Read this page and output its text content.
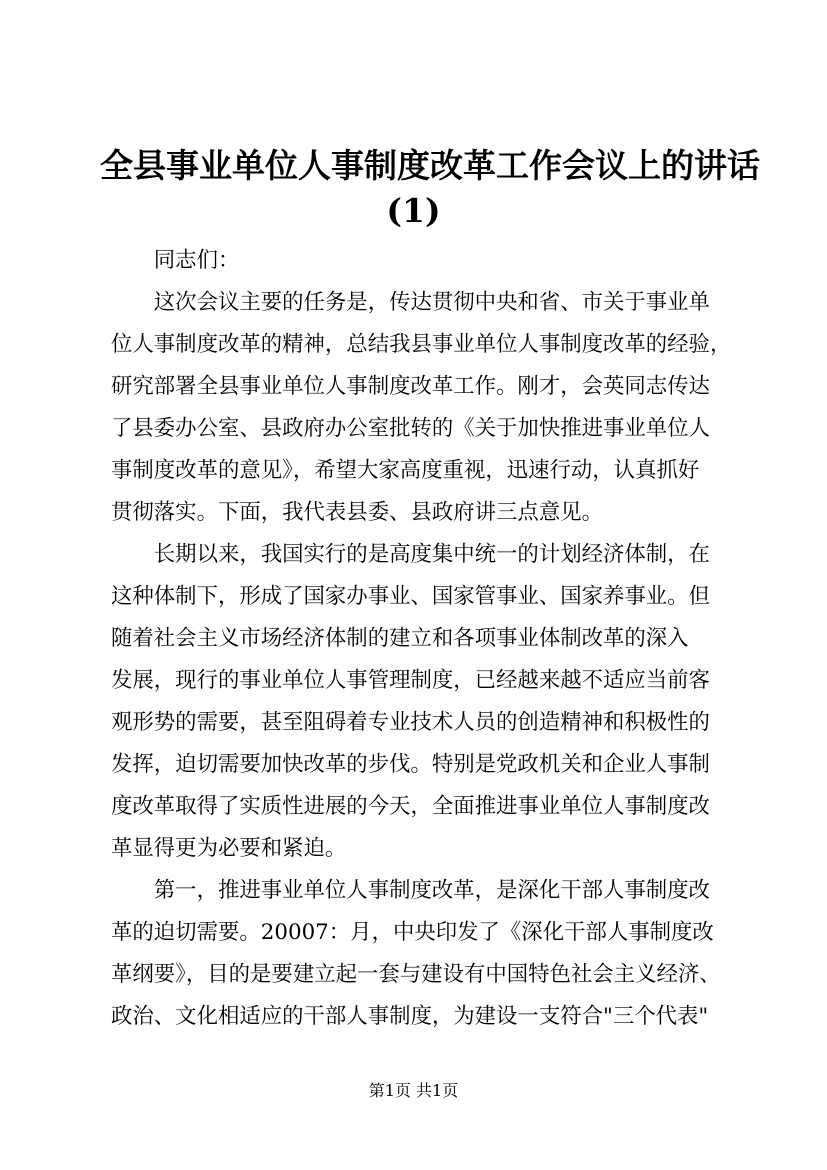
全县事业单位人事制度改革工作会议上的讲话
(1)
　　同志们：
　　这次会议主要的任务是，传达贯彻中央和省、市关于事业单
位人事制度改革的精神，总结我县事业单位人事制度改革的经验，
研究部署全县事业单位人事制度改革工作。刚才，会英同志传达
了县委办公室、县政府办公室批转的《关于加快推进事业单位人
事制度改革的意见》，希望大家高度重视，迅速行动，认真抓好
贯彻落实。下面，我代表县委、县政府讲三点意见。
　　长期以来，我国实行的是高度集中统一的计划经济体制，在
这种体制下，形成了国家办事业、国家管事业、国家养事业。但
随着社会主义市场经济体制的建立和各项事业体制改革的深入
发展，现行的事业单位人事管理制度，已经越来越不适应当前客
观形势的需要，甚至阻碍着专业技术人员的创造精神和积极性的
发挥，迫切需要加快改革的步伐。特别是党政机关和企业人事制
度改革取得了实质性进展的今天，全面推进事业单位人事制度改
革显得更为必要和紧迫。
　　第一，推进事业单位人事制度改革，是深化干部人事制度改
革的迫切需要。20007：月，中央印发了《深化干部人事制度改
革纲要》，目的是要建立起一套与建设有中国特色社会主义经济、
政治、文化相适应的干部人事制度，为建设一支符合"三个代表"
第1页 共1页
